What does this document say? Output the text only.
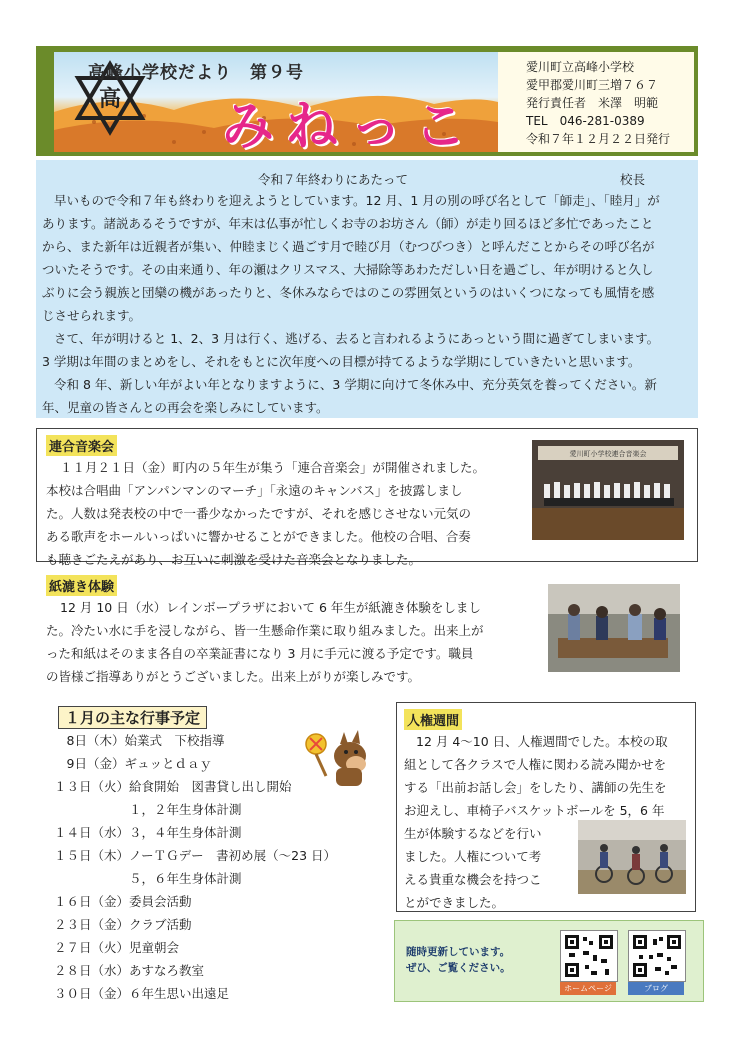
高
高峰小学校だより　第９号
みねっこ
愛川町立高峰小学校
愛甲郡愛川町三増７６７
発行責任者　米澤　明範
TEL　046-281-0389
令和７年１２月２２日発行
令和７年終わりにあたって	校長
早いもので令和７年も終わりを迎えようとしています。12 月、1 月の別の呼び名として「師走」、「睦月」が
あります。諸説あるそうですが、年末は仏事が忙しくお寺のお坊さん（師）が走り回るほど多忙であったこと
から、また新年は近親者が集い、仲睦まじく過ごす月で睦び月（むつびつき）と呼んだことからその呼び名が
ついたそうです。その由来通り、年の瀬はクリスマス、大掃除等あわただしい日を過ごし、年が明けると久し
ぶりに会う親族と団欒の機があったりと、冬休みならではのこの雰囲気というのはいくつになっても風情を感
じさせられます。
さて、年が明けると 1、2、3 月は行く、逃げる、去ると言われるようにあっという間に過ぎてしまいます。
3 学期は年間のまとめをし、それをもとに次年度への目標が持てるような学期にしていきたいと思います。
令和 8 年、新しい年がよい年となりますように、3 学期に向けて冬休み中、充分英気を養ってください。新
年、児童の皆さんとの再会を楽しみにしています。
連合音楽会
１１月２１日（金）町内の５年生が集う「連合音楽会」が開催されました。
本校は合唱曲「アンパンマンのマーチ」「永遠のキャンバス」を披露しまし
た。人数は発表校の中で一番少なかったですが、それを感じさせない元気の
ある歌声をホールいっぱいに響かせることができました。他校の合唱、合奏
も聴きごたえがあり、お互いに刺激を受けた音楽会となりました。
愛川町小学校連合音楽会
紙漉き体験
12 月 10 日（水）レインボープラザにおいて 6 年生が紙漉き体験をしまし
た。冷たい水に手を浸しながら、皆一生懸命作業に取り組みました。出来上が
った和紙はそのまま各自の卒業証書になり 3 月に手元に渡る予定です。職員
の皆様ご指導ありがとうございました。出来上がりが楽しみです。
１月の主な行事予定
　8日（木）始業式　下校指導
　9日（金）ギュッとｄａｙ
１３日（火）給食開始　図書貸し出し開始
　　　　　　１，２年生身体計測
１４日（水）３，４年生身体計測
１５日（木）ノーＴＧデー　書初め展（～23 日）
　　　　　　５，６年生身体計測
１６日（金）委員会活動
２３日（金）クラブ活動
２７日（火）児童朝会
２８日（水）あすなろ教室
３０日（金）６年生思い出遠足
人権週間
12 月 4～10 日、人権週間でした。本校の取
組として各クラスで人権に関わる読み聞かせを
する「出前お話し会」をしたり、講師の先生を
お迎えし、車椅子バスケットボールを 5，6 年
生が体験するなどを行い
ました。人権について考
える貴重な機会を持つこ
とができました。
随時更新しています。
ぜひ、ご覧ください。
ホームページ	ブログ
